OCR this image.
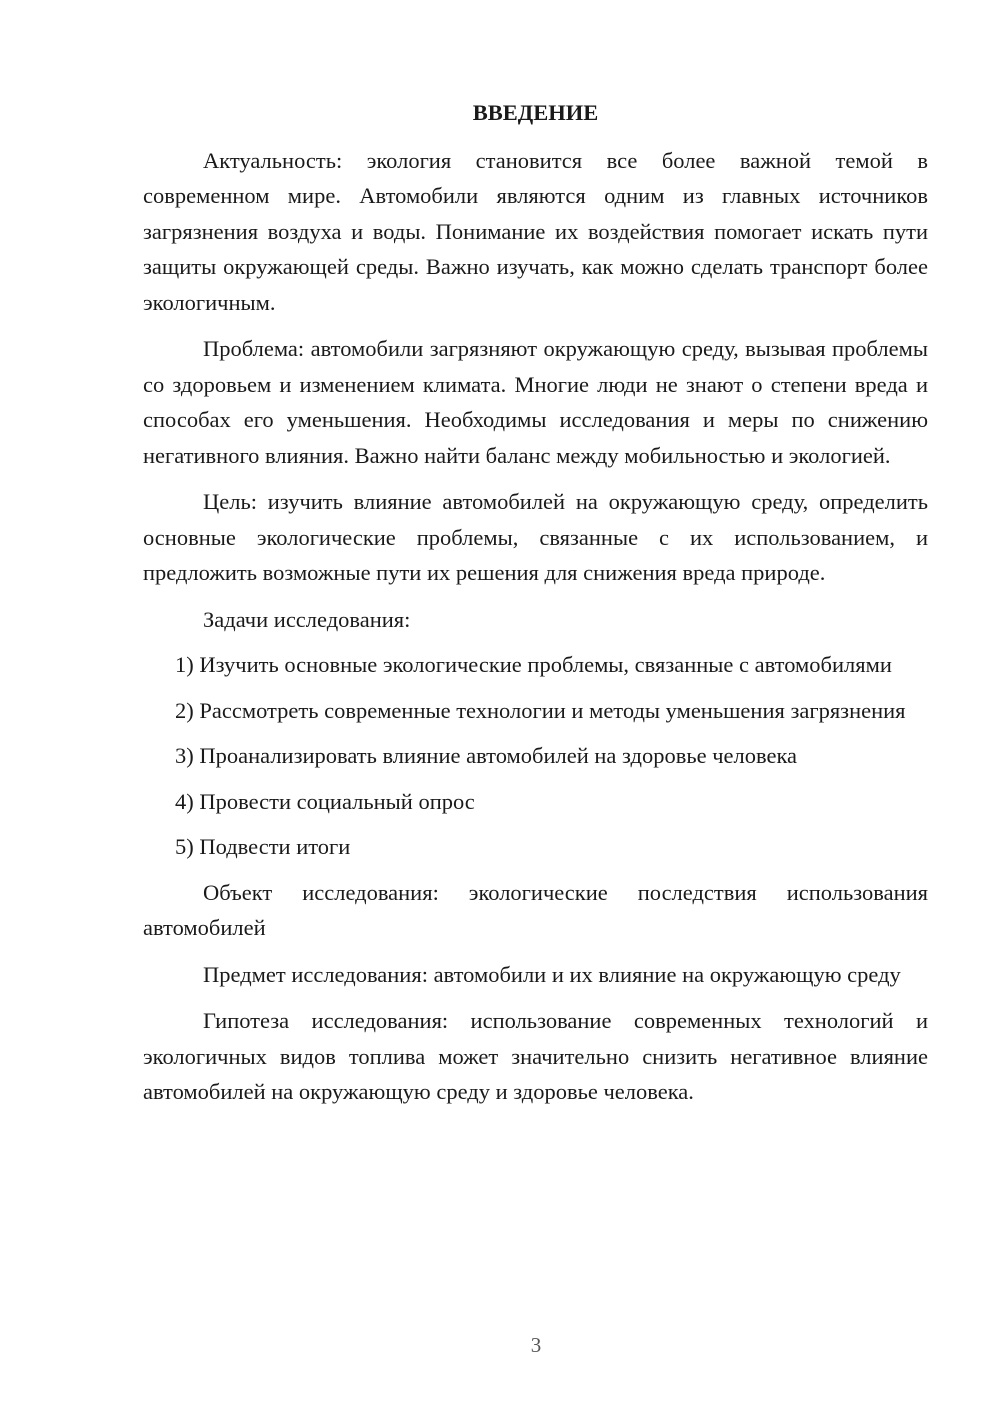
ВВЕДЕНИЕ

Актуальность: экология становится все более важной темой в современном мире. Автомобили являются одним из главных источников загрязнения воздуха и воды. Понимание их воздействия помогает искать пути защиты окружающей среды. Важно изучать, как можно сделать транспорт более экологичным.

Проблема: автомобили загрязняют окружающую среду, вызывая проблемы со здоровьем и изменением климата. Многие люди не знают о степени вреда и способах его уменьшения. Необходимы исследования и меры по снижению негативного влияния. Важно найти баланс между мобильностью и экологией.

Цель: изучить влияние автомобилей на окружающую среду, определить основные экологические проблемы, связанные с их использованием, и предложить возможные пути их решения для снижения вреда природе.

Задачи исследования:

1) Изучить основные экологические проблемы, связанные с автомобилями

2) Рассмотреть современные технологии и методы уменьшения загрязнения

3) Проанализировать влияние автомобилей на здоровье человека

4) Провести социальный опрос

5) Подвести итоги

Объект исследования: экологические последствия использования автомобилей

Предмет исследования: автомобили и их влияние на окружающую среду

Гипотеза исследования: использование современных технологий и экологичных видов топлива может значительно снизить негативное влияние автомобилей на окружающую среду и здоровье человека.

3
